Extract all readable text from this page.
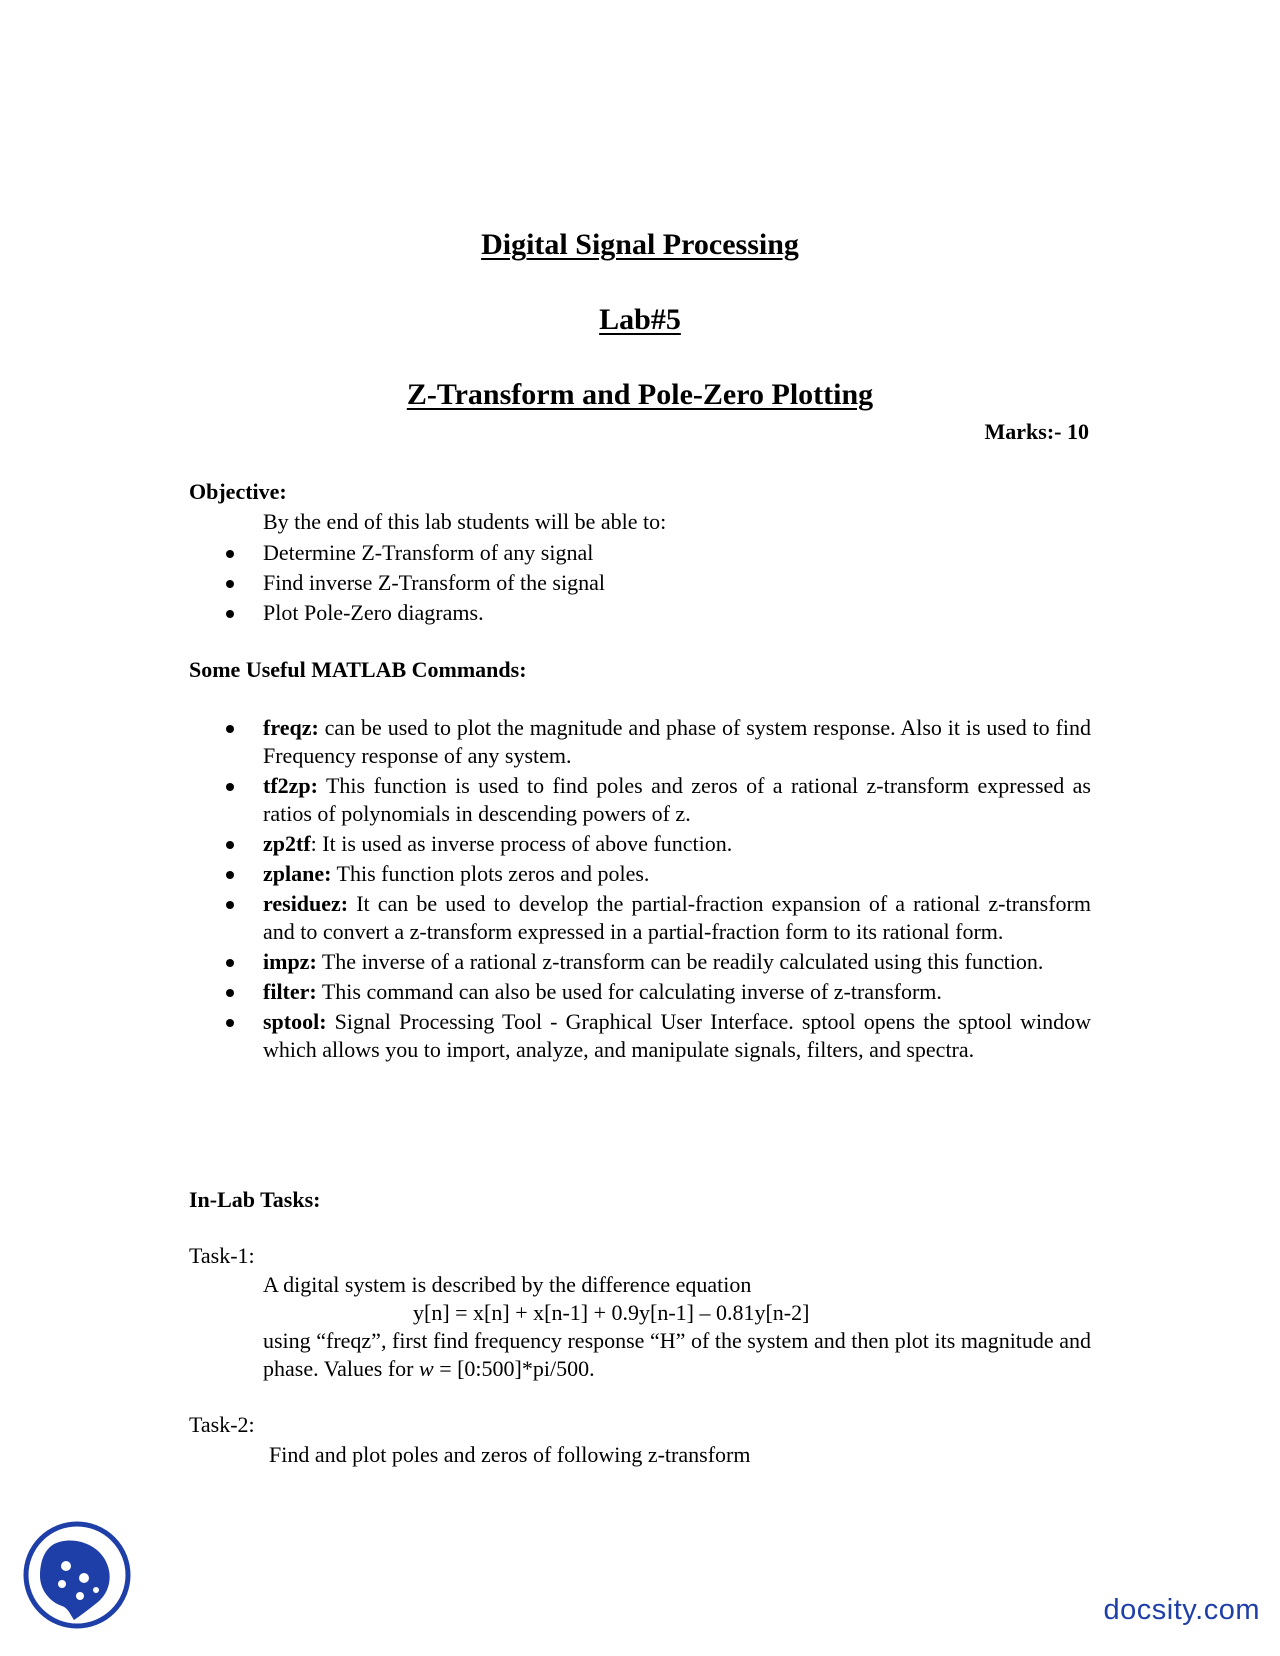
Digital Signal Processing
Lab#5
Z-Transform and Pole-Zero Plotting
Marks:- 10

Objective:

By the end of this lab students will be able to:

Determine Z-Transform of any signal
Find inverse Z-Transform of the signal
Plot Pole-Zero diagrams.

Some Useful MATLAB Commands:

freqz: can be used to plot the magnitude and phase of system response. Also it is used to find Frequency response of any system.
tf2zp: This function is used to find poles and zeros of a rational z-transform expressed as ratios of polynomials in descending powers of z.
zp2tf: It is used as inverse process of above function.
zplane: This function plots zeros and poles.
residuez: It can be used to develop the partial-fraction expansion of a rational z-transform and to convert a z-transform expressed in a partial-fraction form to its rational form.
impz: The inverse of a rational z-transform can be readily calculated using this function.
filter: This command can also be used for calculating inverse of z-transform.
sptool: Signal Processing Tool - Graphical User Interface. sptool opens the sptool window which allows you to import, analyze, and manipulate signals, filters, and spectra.

In-Lab Tasks:

Task-1:

A digital system is described by the difference equation

y[n] = x[n] + x[n-1] + 0.9y[n-1] – 0.81y[n-2]

using “freqz”, first find frequency response “H” of the system and then plot its magnitude and phase. Values for w = [0:500]*pi/500.

Task-2:

Find and plot poles and zeros of following z-transform

docsity.com
